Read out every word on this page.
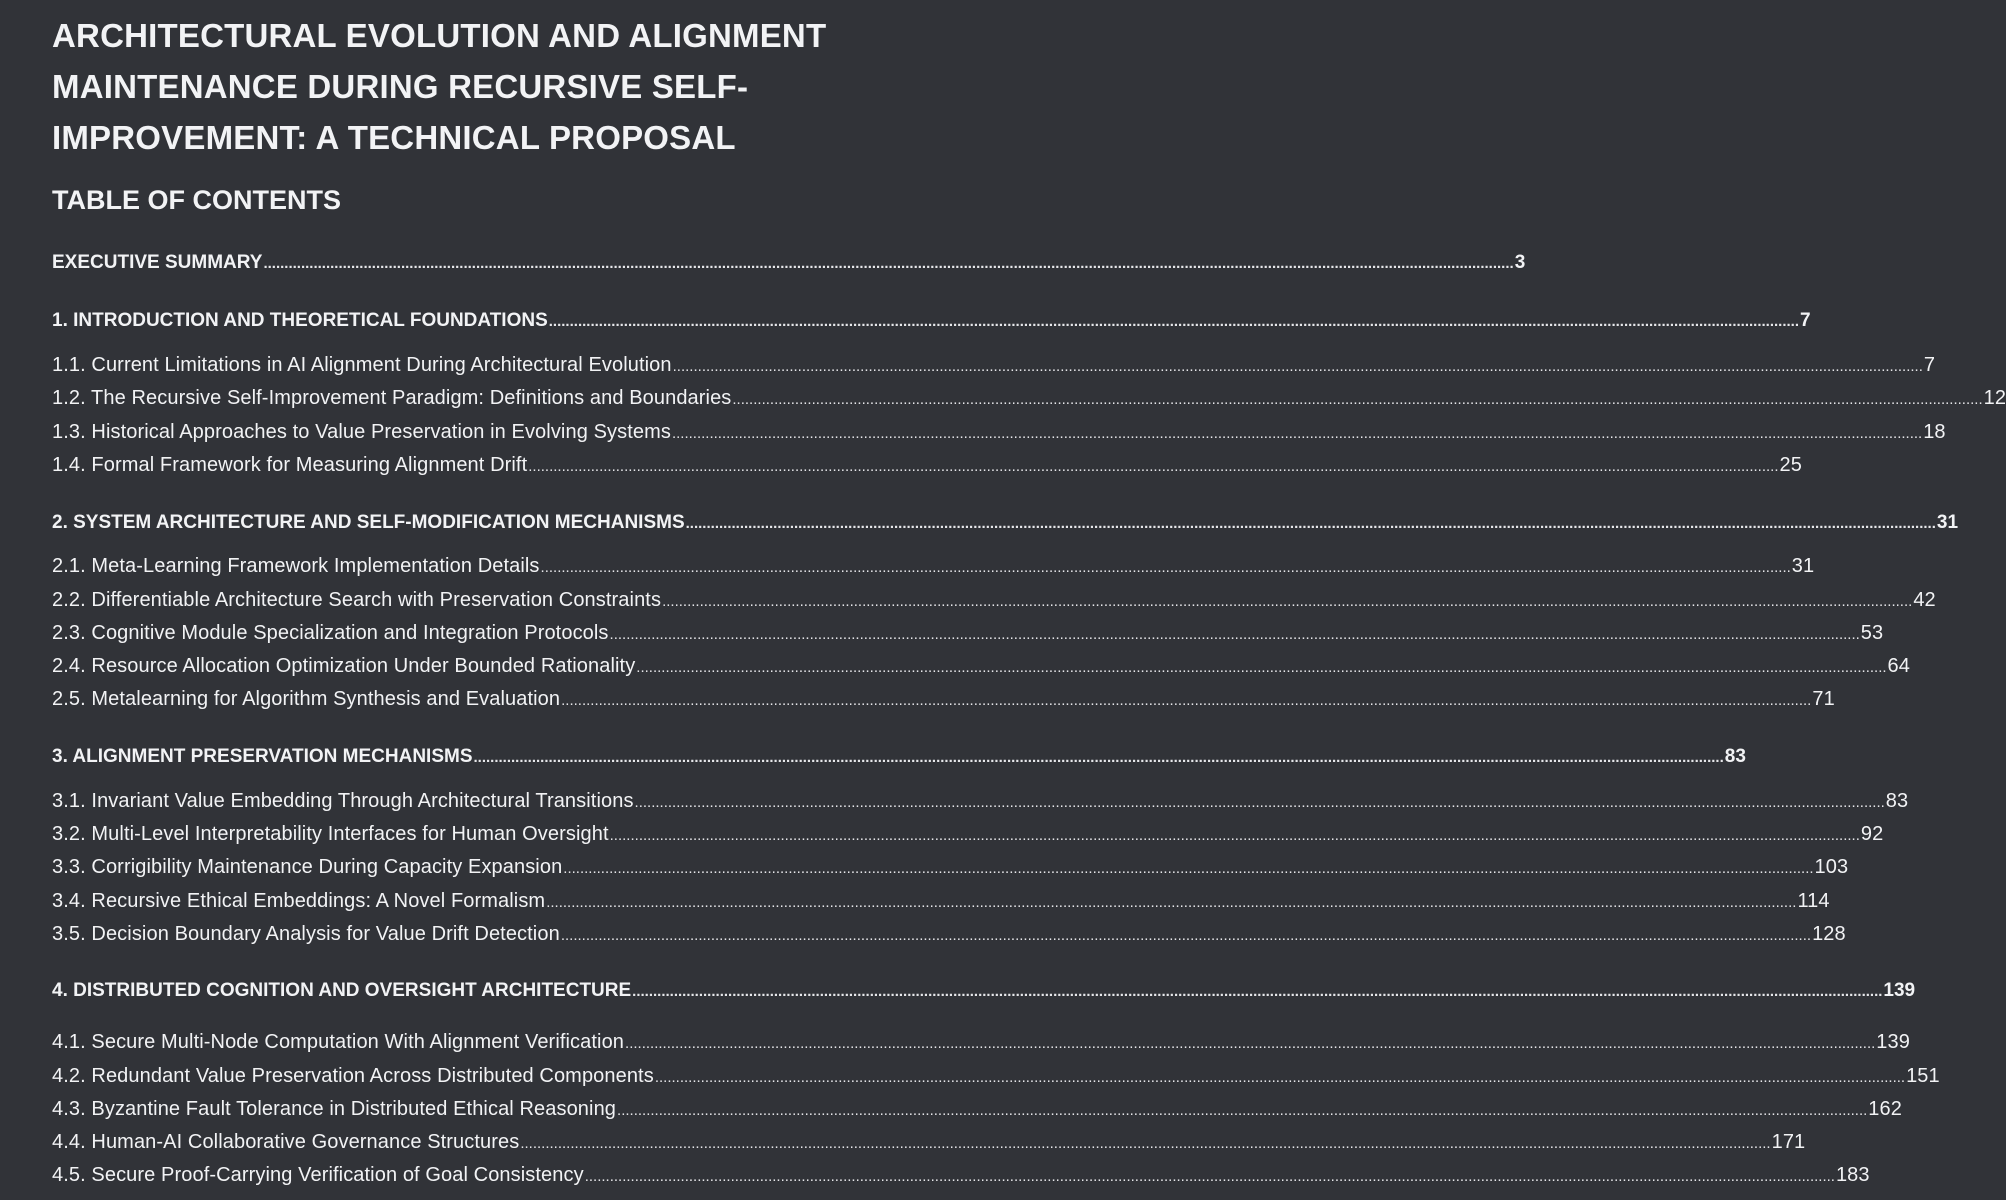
ARCHITECTURAL EVOLUTION AND ALIGNMENT MAINTENANCE DURING RECURSIVE SELF-IMPROVEMENT: A TECHNICAL PROPOSAL
TABLE OF CONTENTS
EXECUTIVE SUMMARY ............................................................................................................................................................................................................................................................................................................ 3
1. INTRODUCTION AND THEORETICAL FOUNDATIONS ............................................................................................................................................................................................................................................................................................................ 7
1.1. Current Limitations in AI Alignment During Architectural Evolution ............................................................................................................................................................................................................................................................................................................ 7
1.2. The Recursive Self-Improvement Paradigm: Definitions and Boundaries ............................................................................................................................................................................................................................................................................................................ 12
1.3. Historical Approaches to Value Preservation in Evolving Systems ............................................................................................................................................................................................................................................................................................................ 18
1.4. Formal Framework for Measuring Alignment Drift ............................................................................................................................................................................................................................................................................................................ 25
2. SYSTEM ARCHITECTURE AND SELF-MODIFICATION MECHANISMS ............................................................................................................................................................................................................................................................................................................ 31
2.1. Meta-Learning Framework Implementation Details ............................................................................................................................................................................................................................................................................................................ 31
2.2. Differentiable Architecture Search with Preservation Constraints ............................................................................................................................................................................................................................................................................................................ 42
2.3. Cognitive Module Specialization and Integration Protocols ............................................................................................................................................................................................................................................................................................................ 53
2.4. Resource Allocation Optimization Under Bounded Rationality ............................................................................................................................................................................................................................................................................................................ 64
2.5. Metalearning for Algorithm Synthesis and Evaluation ............................................................................................................................................................................................................................................................................................................ 71
3. ALIGNMENT PRESERVATION MECHANISMS ............................................................................................................................................................................................................................................................................................................ 83
3.1. Invariant Value Embedding Through Architectural Transitions ............................................................................................................................................................................................................................................................................................................ 83
3.2. Multi-Level Interpretability Interfaces for Human Oversight ............................................................................................................................................................................................................................................................................................................ 92
3.3. Corrigibility Maintenance During Capacity Expansion ............................................................................................................................................................................................................................................................................................................ 103
3.4. Recursive Ethical Embeddings: A Novel Formalism ............................................................................................................................................................................................................................................................................................................ 114
3.5. Decision Boundary Analysis for Value Drift Detection ............................................................................................................................................................................................................................................................................................................ 128
4. DISTRIBUTED COGNITION AND OVERSIGHT ARCHITECTURE ............................................................................................................................................................................................................................................................................................................ 139
4.1. Secure Multi-Node Computation With Alignment Verification ............................................................................................................................................................................................................................................................................................................ 139
4.2. Redundant Value Preservation Across Distributed Components ............................................................................................................................................................................................................................................................................................................ 151
4.3. Byzantine Fault Tolerance in Distributed Ethical Reasoning ............................................................................................................................................................................................................................................................................................................ 162
4.4. Human-AI Collaborative Governance Structures ............................................................................................................................................................................................................................................................................................................ 171
4.5. Secure Proof-Carrying Verification of Goal Consistency ............................................................................................................................................................................................................................................................................................................ 183
